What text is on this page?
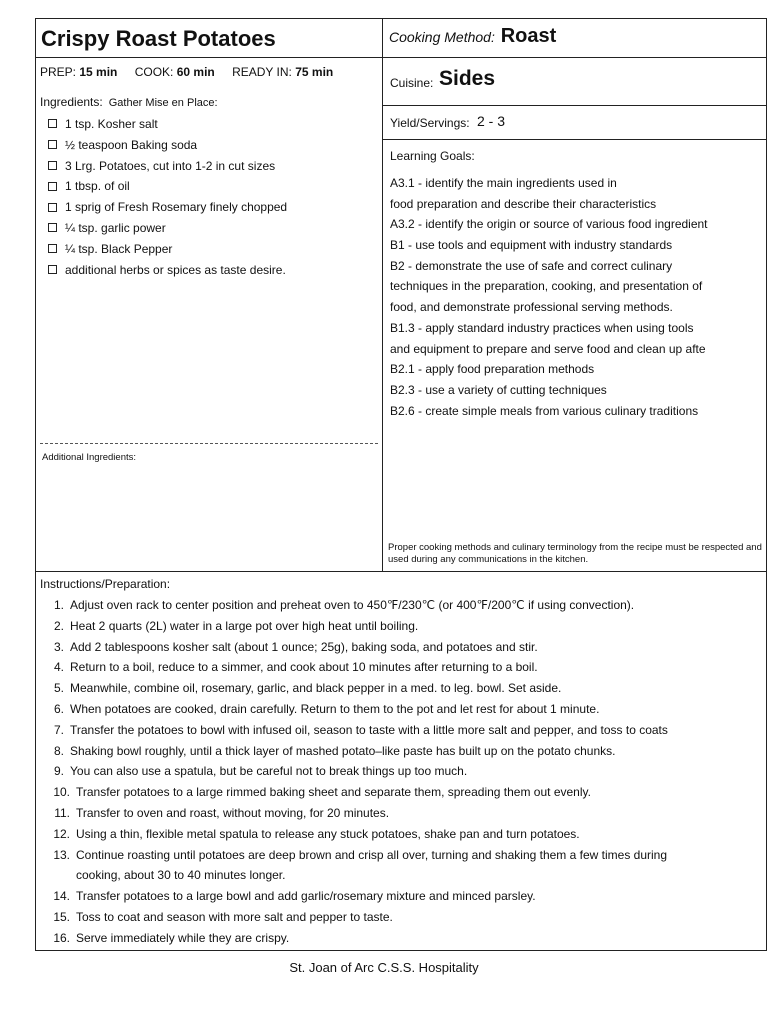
Crispy Roast Potatoes	Cooking Method: Roast
PREP: 15 min COOK: 60 min READY IN: 75 min
Ingredients: Gather Mise en Place:
1 tsp. Kosher salt
½ teaspoon Baking soda
3 Lrg. Potatoes, cut into 1-2 in cut sizes
1 tbsp. of oil
1 sprig of Fresh Rosemary finely chopped
¼ tsp. garlic power
¼ tsp. Black Pepper
additional herbs or spices as taste desire.
Additional Ingredients:
Cuisine: Sides
Yield/Servings: 2 - 3
Learning Goals:
A3.1 - identify the main ingredients used in
food preparation and describe their characteristics
A3.2 - identify the origin or source of various food ingredient
B1 - use tools and equipment with industry standards
B2 - demonstrate the use of safe and correct culinary
techniques in the preparation, cooking, and presentation of
food, and demonstrate professional serving methods.
B1.3 - apply standard industry practices when using tools
and equipment to prepare and serve food and clean up afte
B2.1 - apply food preparation methods
B2.3 - use a variety of cutting techniques
B2.6 - create simple meals from various culinary traditions
Proper cooking methods and culinary terminology from the recipe must be respected and used during any communications in the kitchen.
Instructions/Preparation:
1. Adjust oven rack to center position and preheat oven to 450℉/230℃ (or 400℉/200℃ if using convection).
2. Heat 2 quarts (2L) water in a large pot over high heat until boiling.
3. Add 2 tablespoons kosher salt (about 1 ounce; 25g), baking soda, and potatoes and stir.
4. Return to a boil, reduce to a simmer, and cook about 10 minutes after returning to a boil.
5. Meanwhile, combine oil, rosemary, garlic, and black pepper in a med. to leg. bowl. Set aside.
6. When potatoes are cooked, drain carefully. Return to them to the pot and let rest for about 1 minute.
7. Transfer the potatoes to bowl with infused oil, season to taste with a little more salt and pepper, and toss to coats
8. Shaking bowl roughly, until a thick layer of mashed potato–like paste has built up on the potato chunks.
9. You can also use a spatula, but be careful not to break things up too much.
10. Transfer potatoes to a large rimmed baking sheet and separate them, spreading them out evenly.
11. Transfer to oven and roast, without moving, for 20 minutes.
12. Using a thin, flexible metal spatula to release any stuck potatoes, shake pan and turn potatoes.
13. Continue roasting until potatoes are deep brown and crisp all over, turning and shaking them a few times during
cooking, about 30 to 40 minutes longer.
14. Transfer potatoes to a large bowl and add garlic/rosemary mixture and minced parsley.
15. Toss to coat and season with more salt and pepper to taste.
16. Serve immediately while they are crispy.
St. Joan of Arc C.S.S. Hospitality
